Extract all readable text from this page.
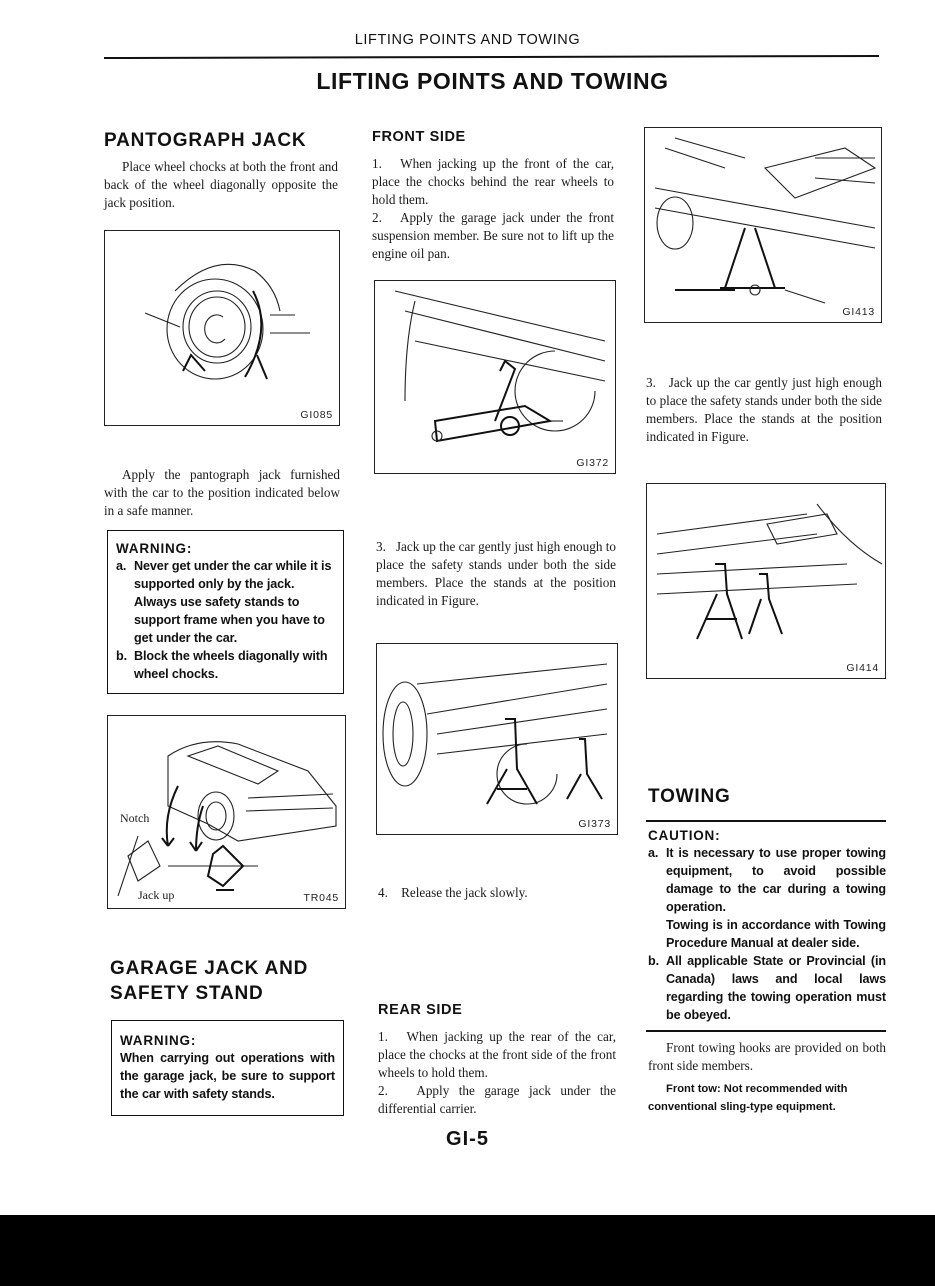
LIFTING POINTS AND TOWING
LIFTING POINTS AND TOWING
PANTOGRAPH JACK
Place wheel chocks at both the front and back of the wheel diagonally opposite the jack position.
GI085
Apply the pantograph jack furnished with the car to the position indicated below in a safe manner.
WARNING:
a. Never get under the car while it is supported only by the jack. Always use safety stands to support frame when you have to get under the car.
b. Block the wheels diagonally with wheel chocks.
Notch
Jack up	TR045
GARAGE JACK AND
SAFETY STAND
WARNING:
When carrying out operations with the garage jack, be sure to support the car with safety stands.
FRONT SIDE
1. When jacking up the front of the car, place the chocks behind the rear wheels to hold them.
2. Apply the garage jack under the front suspension member. Be sure not to lift up the engine oil pan.
GI372
3. Jack up the car gently just high enough to place the safety stands under both the side members. Place the stands at the position indicated in Figure.
GI373
4. Release the jack slowly.
REAR SIDE
1. When jacking up the rear of the car, place the chocks at the front side of the front wheels to hold them.
2. Apply the garage jack under the differential carrier.
GI413
3. Jack up the car gently just high enough to place the safety stands under both the side members. Place the stands at the position indicated in Figure.
GI414
TOWING
CAUTION:
a. It is necessary to use proper towing equipment, to avoid possible damage to the car during a towing operation.
Towing is in accordance with Towing Procedure Manual at dealer side.
b. All applicable State or Provincial (in Canada) laws and local laws regarding the towing operation must be obeyed.
Front towing hooks are provided on both front side members.
Front tow: Not recommended with conventional sling-type equipment.
GI-5
